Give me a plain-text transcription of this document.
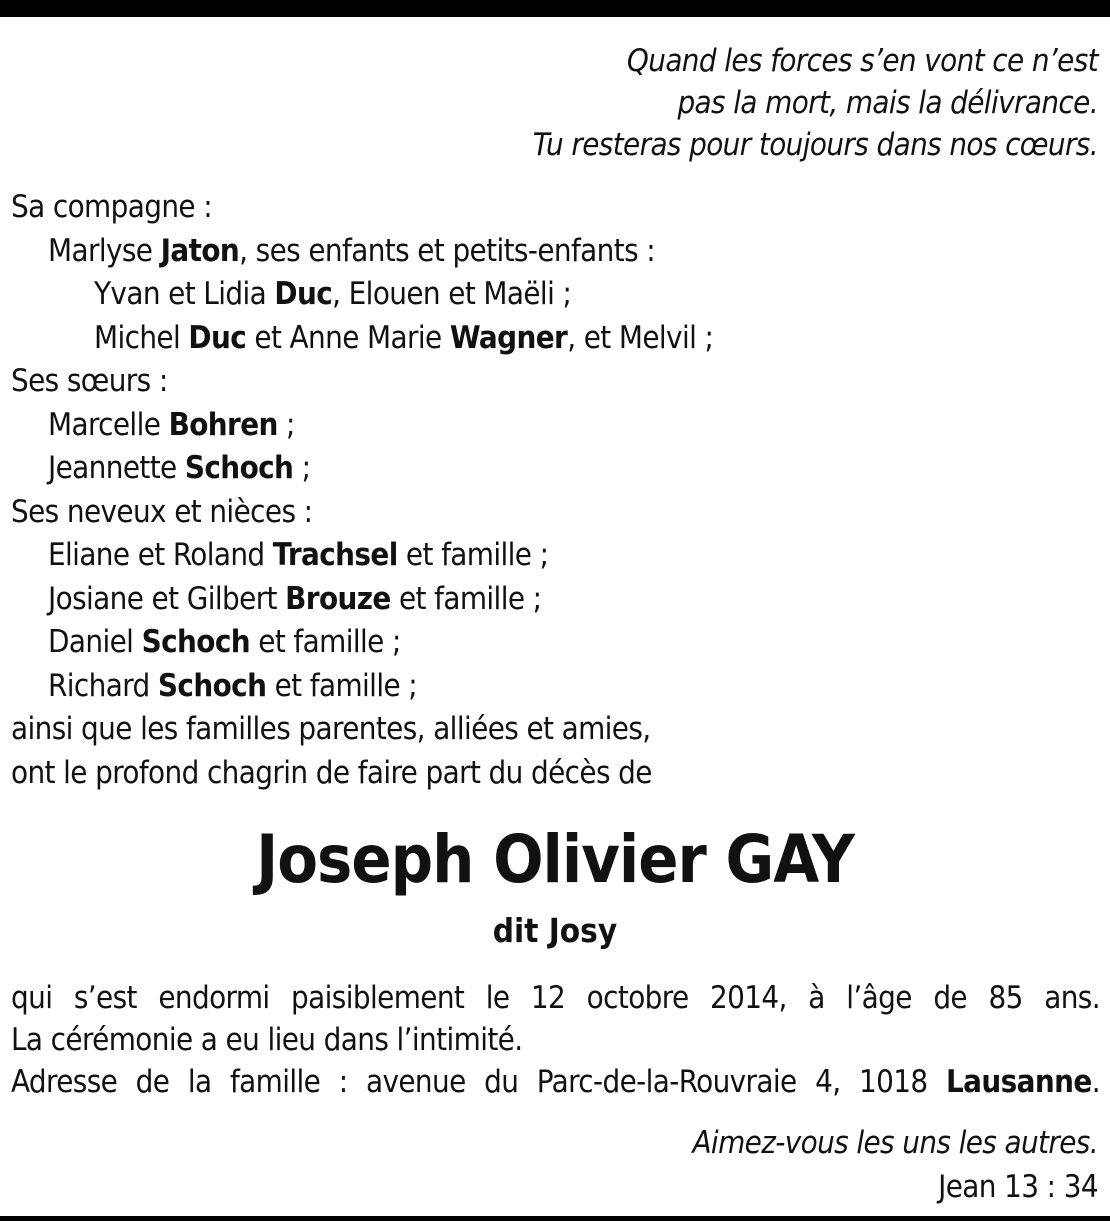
Quand les forces s’en vont ce n’est
pas la mort, mais la délivrance.
Tu resteras pour toujours dans nos cœurs.
Sa compagne :
Marlyse Jaton, ses enfants et petits-enfants :
Yvan et Lidia Duc, Elouen et Maëli ;
Michel Duc et Anne Marie Wagner, et Melvil ;
Ses sœurs :
Marcelle Bohren ;
Jeannette Schoch ;
Ses neveux et nièces :
Eliane et Roland Trachsel et famille ;
Josiane et Gilbert Brouze et famille ;
Daniel Schoch et famille ;
Richard Schoch et famille ;
ainsi que les familles parentes, alliées et amies,
ont le profond chagrin de faire part du décès de
Joseph Olivier GAY
dit Josy
qui s’est endormi paisiblement le 12 octobre 2014, à l’âge de 85 ans.
La cérémonie a eu lieu dans l’intimité.
Adresse de la famille : avenue du Parc-de-la-Rouvraie 4, 1018 Lausanne.
Aimez-vous les uns les autres.
Jean 13 : 34
